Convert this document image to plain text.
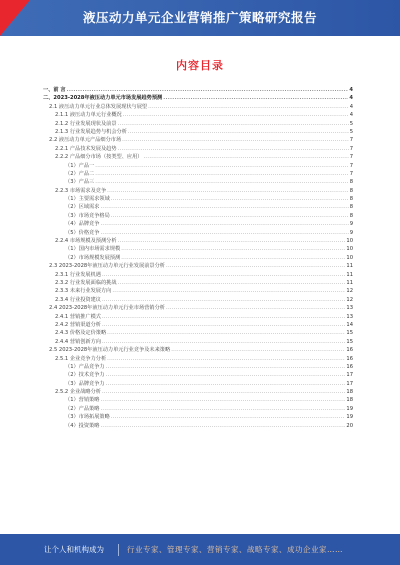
液压动力单元企业营销推广策略研究报告
内容目录
一、前 言 .....	4
二、2023-2028年液压动力单元市场发展趋势预测 .....	4
2.1 液压动力单元行业总体发展现状与展望 .....	4
2.1.1 液压动力单元行业概况 .....	4
2.1.2 行业发展现状及前景 .....	5
2.1.3 行业发展趋势与机会分析 .....	5
2.2 液压动力单元产品细分市场 .....	7
2.2.1 产品技术发展及趋势 .....	7
2.2.2 产品细分市场（按类型、应用） .....	7
（1）产品一 .....	7
（2）产品二 .....	7
（3）产品三 .....	8
2.2.3 市场需求及竞争 .....	8
（1）主要需求领域 .....	8
（2）区域需求 .....	8
（3）市场竞争格局 .....	8
（4）品牌竞争 .....	9
（5）价格竞争 .....	9
2.2.4 市场规模及预测分析 .....	10
（1）国内市场需求规模 .....	10
（2）市场规模发展预测 .....	10
2.3 2023-2028年液压动力单元行业发展前景分析 .....	11
2.3.1 行业发展机遇 .....	11
2.3.2 行业发展面临的挑战 .....	11
2.3.3 未来行业发展方向 .....	12
2.3.4 行业投资建议 .....	12
2.4 2023-2028年液压动力单元行业市场营销分析 .....	13
2.4.1 营销推广模式 .....	13
2.4.2 营销渠道分析 .....	14
2.4.3 价格及定价策略 .....	15
2.4.4 营销创新方向 .....	15
2.5 2023-2028年液压动力单元行业竞争及未来策略 .....	16
2.5.1 企业竞争力分析 .....	16
（1）产品竞争力 .....	16
（2）技术竞争力 .....	17
（3）品牌竞争力 .....	17
2.5.2 企业战略分析 .....	18
（1）营销策略 .....	18
（2）产品策略 .....	19
（3）市场拓展策略 .....	19
（4）投资策略 .....	20
让个人和机构成为	行业专家、管理专家、营销专家、战略专家、成功企业家……
